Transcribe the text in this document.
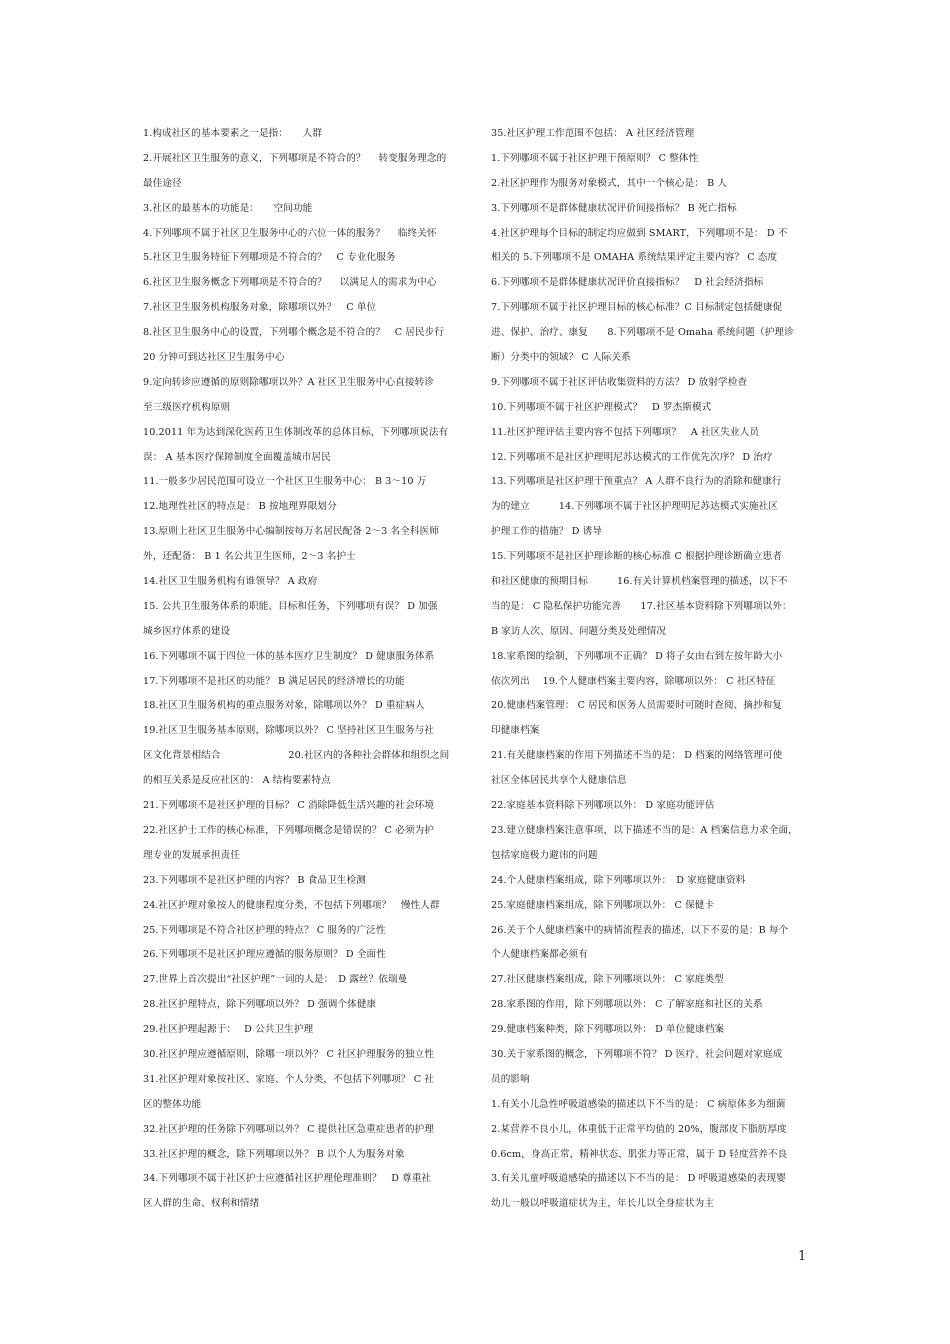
1.构成社区的基本要素之一是指：　　人群
2.开展社区卫生服务的意义，下列哪项是不符合的？　 转变服务理念的
最佳途径
3.社区的最基本的功能是：　　空间功能
4.下列哪项不属于社区卫生服务中心的六位一体的服务？　 临终关怀
5.社区卫生服务特征下列哪项是不符合的？　C 专业化服务
6.社区卫生服务概念下列哪项是不符合的？　 以满足人的需求为中心
7.社区卫生服务机构服务对象，除哪项以外？　C 单位
8.社区卫生服务中心的设置，下列哪个概念是不符合的？　C 居民步行
20 分钟可到达社区卫生服务中心
9.定向转诊应遵循的原则除哪项以外？A 社区卫生服务中心直接转诊
至三级医疗机构原则
10.2011 年为达到深化医药卫生体制改革的总体目标，下列哪项说法有
误： A 基本医疗保障制度全面覆盖城市居民
11.一般多少居民范围可设立一个社区卫生服务中心： B 3～10 万
12.地理性社区的特点是： B 按地理界限划分
13.原则上社区卫生服务中心编制按每万名居民配备 2～3 名全科医师
外，还配备： B 1 名公共卫生医师，2～3 名护士
14.社区卫生服务机构有谁领导？ A 政府
15. 公共卫生服务体系的职能、目标和任务，下列哪项有误？ D 加强
城乡医疗体系的建设
16.下列哪项不属于四位一体的基本医疗卫生制度？ D 健康服务体系
17.下列哪项不是社区的功能？ B 满足居民的经济增长的功能
18.社区卫生服务机构的重点服务对象，除哪项以外？ D 重症病人
19.社区卫生服务基本原则，除哪项以外？ C 坚持社区卫生服务与社
区文化背景相结合　　　　　　　20.社区内的各种社会群体和组织之间
的相互关系是反应社区的： A 结构要素特点
21.下列哪项不是社区护理的目标？ C 消除降低生活兴趣的社会环境
22.社区护士工作的核心标准，下列哪项概念是错误的？ C 必须为护
理专业的发展承担责任
23.下列哪项不是社区护理的内容？ B 食品卫生检测
24.社区护理对象按人的健康程度分类，不包括下列哪项？　慢性人群
25.下列哪项是不符合社区护理的特点？ C 服务的广泛性
26.下列哪项不是社区护理应遵循的服务原则？ D 全面性
27.世界上首次提出“社区护理”一词的人是：　D 露丝？依瑞曼
28.社区护理特点，除下列哪项以外？ D 强调个体健康
29.社区护理起源于：　 D 公共卫生护理
30.社区护理应遵循原则，除哪一项以外？ C 社区护理服务的独立性
31.社区护理对象按社区、家庭、个人分类，不包括下列哪项？ C 社
区的整体功能
32.社区护理的任务除下列哪项以外？ C 提供社区急重症患者的护理
33.社区护理的概念，除下列哪项以外？ B 以个人为服务对象
34.下列哪项不属于社区护士应遵循社区护理伦理准则？　D 尊重社
区人群的生命、权利和情绪
35.社区护理工作范围不包括： A 社区经济管理
1.下列哪项不属于社区护理干预原则？ C 整体性
2.社区护理作为服务对象模式，其中一个核心是： B 人
3.下列哪项不是群体健康状况评价间接指标？ B 死亡指标
4.社区护理每个目标的制定均应做到 SMART，下列哪项不是： D 不
相关的 5.下列哪项不是 OMAHA 系统结果评定主要内容？ C 态度
6.下列哪项不是群体健康状况评价直接指标？　D 社会经济指标
7.下列哪项不属于社区护理目标的核心标准？C 目标制定包括健康促
进、保护、治疗、康复　　8.下列哪项不是 Omaha 系统问题（护理诊
断）分类中的领域？ C 人际关系
9.下列哪项不属于社区评估收集资料的方法？ D 放射学检查
10.下列哪项不属于社区护理模式？　D 罗杰斯模式
11.社区护理评估主要内容不包括下列哪项？　A 社区失业人员
12.下列哪项不是社区护理明尼苏达模式的工作优先次序？ D 治疗
13.下列哪项是社区护理干预重点？ A 人群不良行为的消除和健康行
为的建立　　　14.下列哪项不属于社区护理明尼苏达模式实施社区
护理工作的措施？ D 诱导
15.下列哪项不是社区护理诊断的核心标准 C 根据护理诊断确立患者
和社区健康的预期目标　　　16.有关计算机档案管理的描述，以下不
当的是： C 隐私保护功能完善　　17.社区基本资料除下列哪项以外：
B 家访人次、原因、问题分类及处理情况
18.家系图的绘制，下列哪项不正确？ D 将子女由右到左按年龄大小
依次列出　 19.个人健康档案主要内容，除哪项以外： C 社区特征
20.健康档案管理： C 居民和医务人员需要时可随时查阅、摘抄和复
印健康档案
21.有关健康档案的作用下列描述不当的是： D 档案的网络管理可使
社区全体居民共享个人健康信息
22.家庭基本资料除下列哪项以外： D 家庭功能评估
23.建立健康档案注意事项，以下描述不当的是：A 档案信息力求全面，
包括家庭极力避讳的问题
24.个人健康档案组成，除下列哪项以外：　D 家庭健康资料
25.家庭健康档案组成，除下列哪项以外： C 保健卡
26.关于个人健康档案中的病情流程表的描述，以下不妥的是：B 每个
个人健康档案都必须有
27.社区健康档案组成，除下列哪项以外： C 家庭类型
28.家系图的作用，除下列哪项以外： C 了解家庭和社区的关系
29.健康档案种类，除下列哪项以外： D 单位健康档案
30.关于家系图的概念，下列哪项不符？ D 医疗、社会问题对家庭成
员的影响
1.有关小儿急性呼吸道感染的描述以下不当的是： C 病原体多为细菌
2.某营养不良小儿，体重低于正常平均值的 20%，腹部皮下脂肪厚度
0.6cm，身高正常，精神状态、肌张力等正常，属于 D 轻度营养不良
3.有关儿童呼吸道感染的描述以下不当的是： D 呼吸道感染的表现婴
幼儿一般以呼吸道症状为主，年长儿以全身症状为主
1
